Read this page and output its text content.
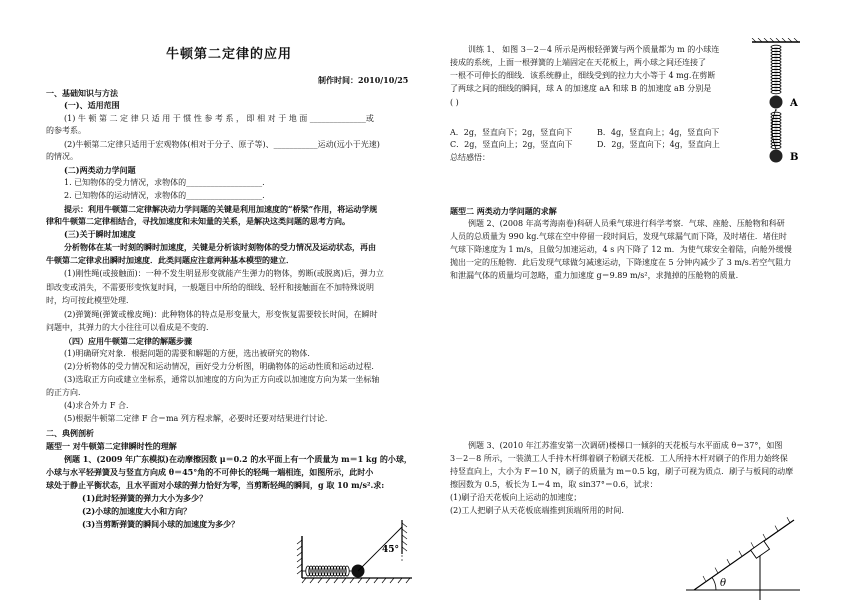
牛顿第二定律的应用
制作时间：2010/10/25
一、基础知识与方法
(一)、适用范围
(1) 牛 顿 第 二 定 律 只 适 用 于 惯 性 参 考 系 ， 即 相 对 于 地 面 ______________或
的参考系。
(2)牛顿第二定律只适用于宏观物体(相对于分子、原子等)、___________运动(远小于光速)
的情况。
(二)两类动力学问题
1. 已知物体的受力情况，求物体的___________________.
2. 已知物体的运动情况，求物体的___________________.
提示：利用牛顿第二定律解决动力学问题的关键是利用加速度的“桥梁”作用，将运动学规
律和牛顿第二定律相结合，寻找加速度和未知量的关系，是解决这类问题的思考方向。
(三)关于瞬时加速度
分析物体在某一时刻的瞬时加速度，关键是分析该时刻物体的受力情况及运动状态，再由
牛顿第二定律求出瞬时加速度．此类问题应注意两种基本模型的建立．
(1)刚性绳(或接触面)：一种不发生明显形变就能产生弹力的物体，剪断(或脱离)后，弹力立
即改变或消失，不需要形变恢复时间，一般题目中所给的细线、轻杆和接触面在不加特殊说明
时，均可按此模型处理．
(2)弹簧绳(弹簧或橡皮绳)：此种物体的特点是形变量大，形变恢复需要较长时间，在瞬时
问题中，其弹力的大小往往可以看成是不变的．
（四）应用牛顿第二定律的解题步骤
(1)明确研究对象．根据问题的需要和解题的方便，选出被研究的物体．
(2)分析物体的受力情况和运动情况，画好受力分析图，明确物体的运动性质和运动过程．
(3)选取正方向或建立坐标系，通常以加速度的方向为正方向或以加速度方向为某一坐标轴
的正方向．
(4)求合外力 F 合．
(5)根据牛顿第二定律 F 合＝ma 列方程求解，必要时还要对结果进行讨论．
二、典例剖析
题型一 对牛顿第二定律瞬时性的理解
例题 1、(2009 年广东模拟)在动摩擦因数 μ＝0.2 的水平面上有一个质量为 m＝1 kg 的小球，
小球与水平轻弹簧及与竖直方向成 θ＝45°角的不可伸长的轻绳一端相连，如图所示，此时小
球处于静止平衡状态，且水平面对小球的弹力恰好为零，当剪断轻绳的瞬间，g 取 10 m/s².求:
(1)此时轻弹簧的弹力大小为多少？
(2)小球的加速度大小和方向？
(3)当剪断弹簧的瞬间小球的加速度为多少？
45°
训练 1、 如图 3－2－4 所示是两根轻弹簧与两个质量都为 m 的小球连
接成的系统，上面一根弹簧的上端固定在天花板上，两小球之间还连接了
一根不可伸长的细线．该系统静止，细线受到的拉力大小等于 4 mg.在剪断
了两球之间的细线的瞬间，球 A 的加速度 aA 和球 B 的加速度 aB 分别是
( )
A．2g，竖直向下；2g，竖直向下	B．4g，竖直向上；4g，竖直向下
C．2g，竖直向上；2g，竖直向下	D．2g，竖直向下；4g，竖直向上
总结感悟：
A
B
题型二 两类动力学问题的求解
例题 2、(2008 年高考海南卷)科研人员乘气球进行科学考察．气球、座舱、压舱物和科研
人员的总质量为 990 kg.气球在空中停留一段时间后，发现气球漏气而下降，及时堵住．堵住时
气球下降速度为 1 m/s，且做匀加速运动，4 s 内下降了 12 m．为使气球安全着陆，向舱外缓慢
抛出一定的压舱物．此后发现气球做匀减速运动，下降速度在 5 分钟内减少了 3 m/s.若空气阻力
和泄漏气体的质量均可忽略，重力加速度 g＝9.89 m/s²，求抛掉的压舱物的质量.
例题 3、(2010 年江苏淮安第一次调研)楼梯口一倾斜的天花板与水平面成 θ＝37°，如图
3－2－8 所示，一装潢工人手持木杆绑着刷子粉刷天花板．工人所持木杆对刷子的作用力始终保
持竖直向上，大小为 F＝10 N，刷子的质量为 m＝0.5 kg，刷子可视为质点．刷子与板间的动摩
擦因数为 0.5，板长为 L＝4 m，取 sin37°＝0.6，试求：
(1)刷子沿天花板向上运动的加速度；
(2)工人把刷子从天花板底端推到顶端所用的时间.
θ
